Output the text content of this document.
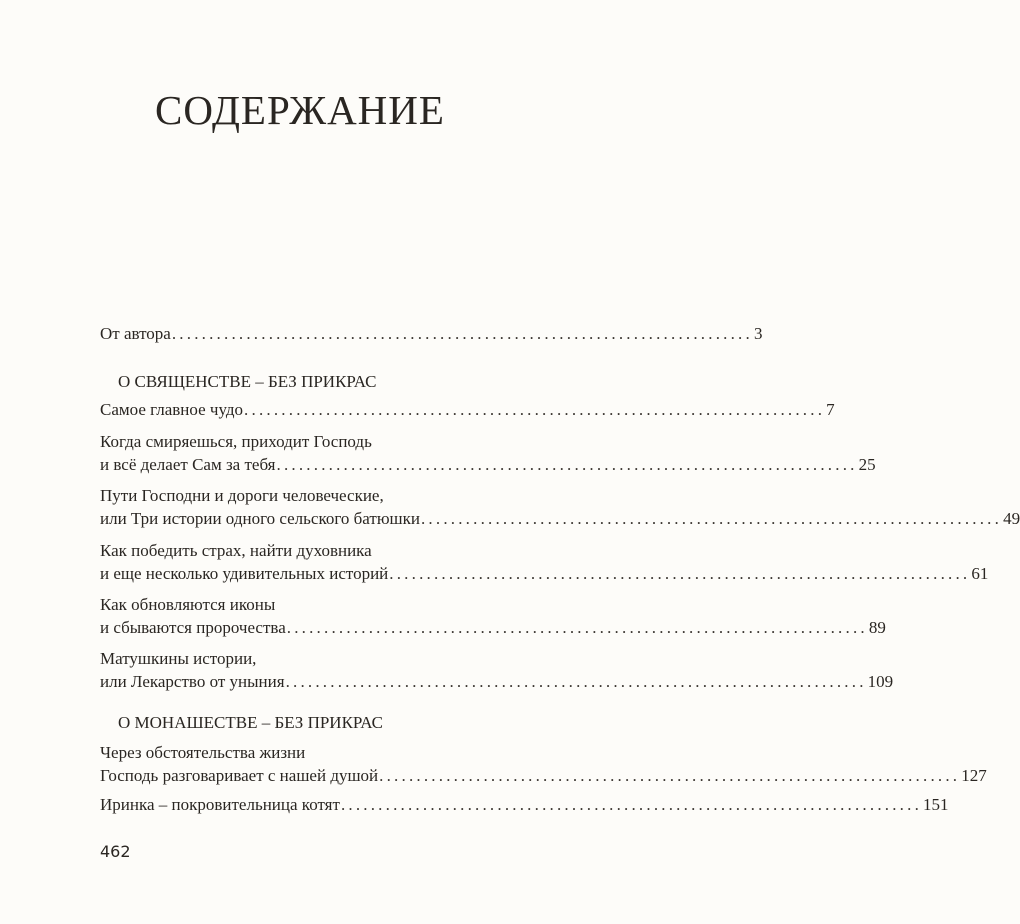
СОДЕРЖАНИЕ
От автора .............................................................................. 3
О СВЯЩЕНСТВЕ – БЕЗ ПРИКРАС
Самое главное чудо .............................................................................. 7
Когда смиряешься, приходит Господь
и всё делает Сам за тебя .............................................................................. 25
Пути Господни и дороги человеческие,
или Три истории одного сельского батюшки .............................................................................. 49
Как победить страх, найти духовника
и еще несколько удивительных историй .............................................................................. 61
Как обновляются иконы
и сбываются пророчества .............................................................................. 89
Матушкины истории,
или Лекарство от уныния .............................................................................. 109
О МОНАШЕСТВЕ – БЕЗ ПРИКРАС
Через обстоятельства жизни
Господь разговаривает с нашей душой .............................................................................. 127
Иринка – покровительница котят .............................................................................. 151
462
